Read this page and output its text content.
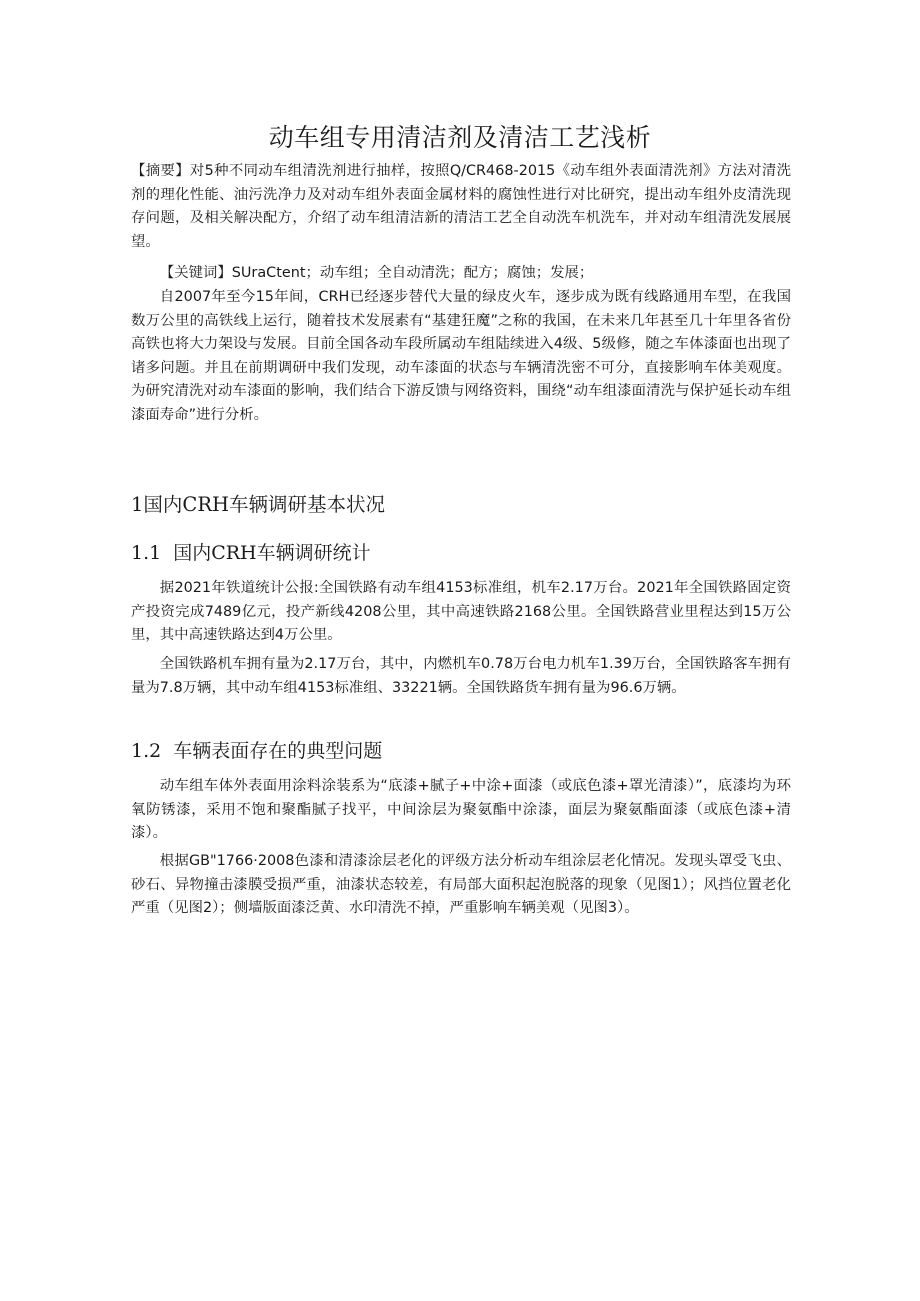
动车组专用清洁剂及清洁工艺浅析

【摘要】对5种不同动车组清洗剂进行抽样，按照Q/CR468-2015《动车组外表面清洗剂》方法对清洗剂的理化性能、油污洗净力及对动车组外表面金属材料的腐蚀性进行对比研究，提出动车组外皮清洗现存问题，及相关解决配方，介绍了动车组清洁新的清洁工艺全自动洗车机洗车，并对动车组清洗发展展望。

【关键词】SUraCtent；动车组；全自动清洗；配方；腐蚀；发展；

自2007年至今15年间，CRH已经逐步替代大量的绿皮火车，逐步成为既有线路通用车型，在我国数万公里的高铁线上运行，随着技术发展素有“基建狂魔”之称的我国，在未来几年甚至几十年里各省份高铁也将大力架设与发展。目前全国各动车段所属动车组陆续进入4级、5级修，随之车体漆面也出现了诸多问题。并且在前期调研中我们发现，动车漆面的状态与车辆清洗密不可分，直接影响车体美观度。为研究清洗对动车漆面的影响，我们结合下游反馈与网络资料，围绕“动车组漆面清洗与保护延长动车组漆面寿命”进行分析。

1国内CRH车辆调研基本状况
1.1 国内CRH车辆调研统计

据2021年铁道统计公报:全国铁路有动车组4153标准组，机车2.17万台。2021年全国铁路固定资产投资完成7489亿元，投产新线4208公里，其中高速铁路2168公里。全国铁路营业里程达到15万公里，其中高速铁路达到4万公里。

全国铁路机车拥有量为2.17万台，其中，内燃机车0.78万台电力机车1.39万台，全国铁路客车拥有量为7.8万辆，其中动车组4153标准组、33221辆。全国铁路货车拥有量为96.6万辆。

1.2 车辆表面存在的典型问题

动车组车体外表面用涂料涂装系为“底漆+腻子+中涂+面漆（或底色漆+罩光清漆）”，底漆均为环氧防锈漆，采用不饱和聚酯腻子找平，中间涂层为聚氨酯中涂漆，面层为聚氨酯面漆（或底色漆+清漆）。

根据GB"1766·2008色漆和清漆涂层老化的评级方法分析动车组涂层老化情况。发现头罩受飞虫、砂石、异物撞击漆膜受损严重，油漆状态较差，有局部大面积起泡脱落的现象（见图1）；风挡位置老化严重（见图2）；侧墙版面漆泛黄、水印清洗不掉，严重影响车辆美观（见图3）。
